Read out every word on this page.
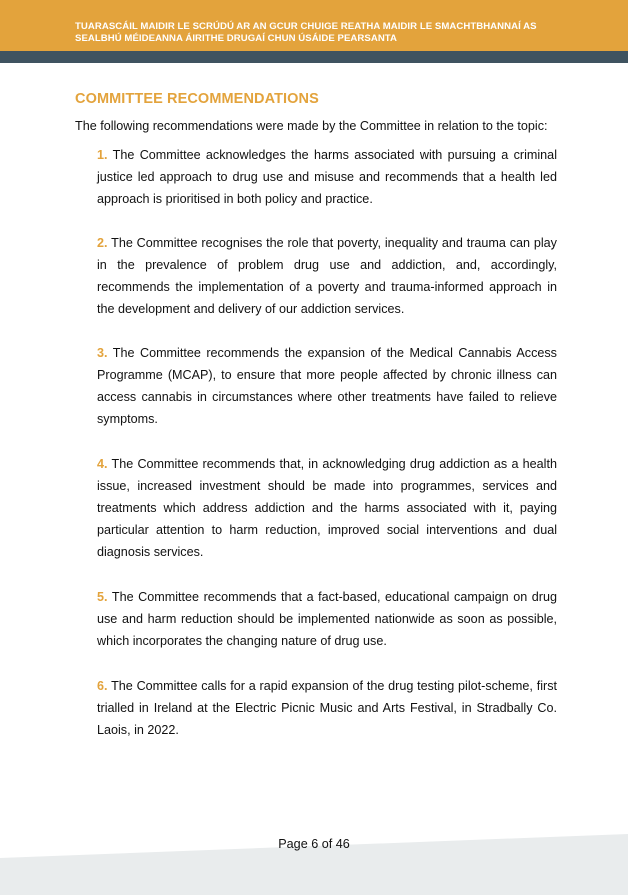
TUARASCÁIL MAIDIR LE SCRÚDÚ AR AN GCUR CHUIGE REATHA MAIDIR LE SMACHTBHANNAÍ AS
SEALBHÚ MÉIDEANNA ÁIRITHE DRUGAÍ CHUN ÚSÁIDE PEARSANTA
COMMITTEE RECOMMENDATIONS

The following recommendations were made by the Committee in relation to the topic:

1. The Committee acknowledges the harms associated with pursuing a criminal justice led approach to drug use and misuse and recommends that a health led approach is prioritised in both policy and practice.

2. The Committee recognises the role that poverty, inequality and trauma can play in the prevalence of problem drug use and addiction, and, accordingly, recommends the implementation of a poverty and trauma-informed approach in the development and delivery of our addiction services.

3. The Committee recommends the expansion of the Medical Cannabis Access Programme (MCAP), to ensure that more people affected by chronic illness can access cannabis in circumstances where other treatments have failed to relieve symptoms.

4. The Committee recommends that, in acknowledging drug addiction as a health issue, increased investment should be made into programmes, services and treatments which address addiction and the harms associated with it, paying particular attention to harm reduction, improved social interventions and dual diagnosis services.

5. The Committee recommends that a fact-based, educational campaign on drug use and harm reduction should be implemented nationwide as soon as possible, which incorporates the changing nature of drug use.

6. The Committee calls for a rapid expansion of the drug testing pilot-scheme, first trialled in Ireland at the Electric Picnic Music and Arts Festival, in Stradbally Co. Laois, in 2022.

Page 6 of 46
